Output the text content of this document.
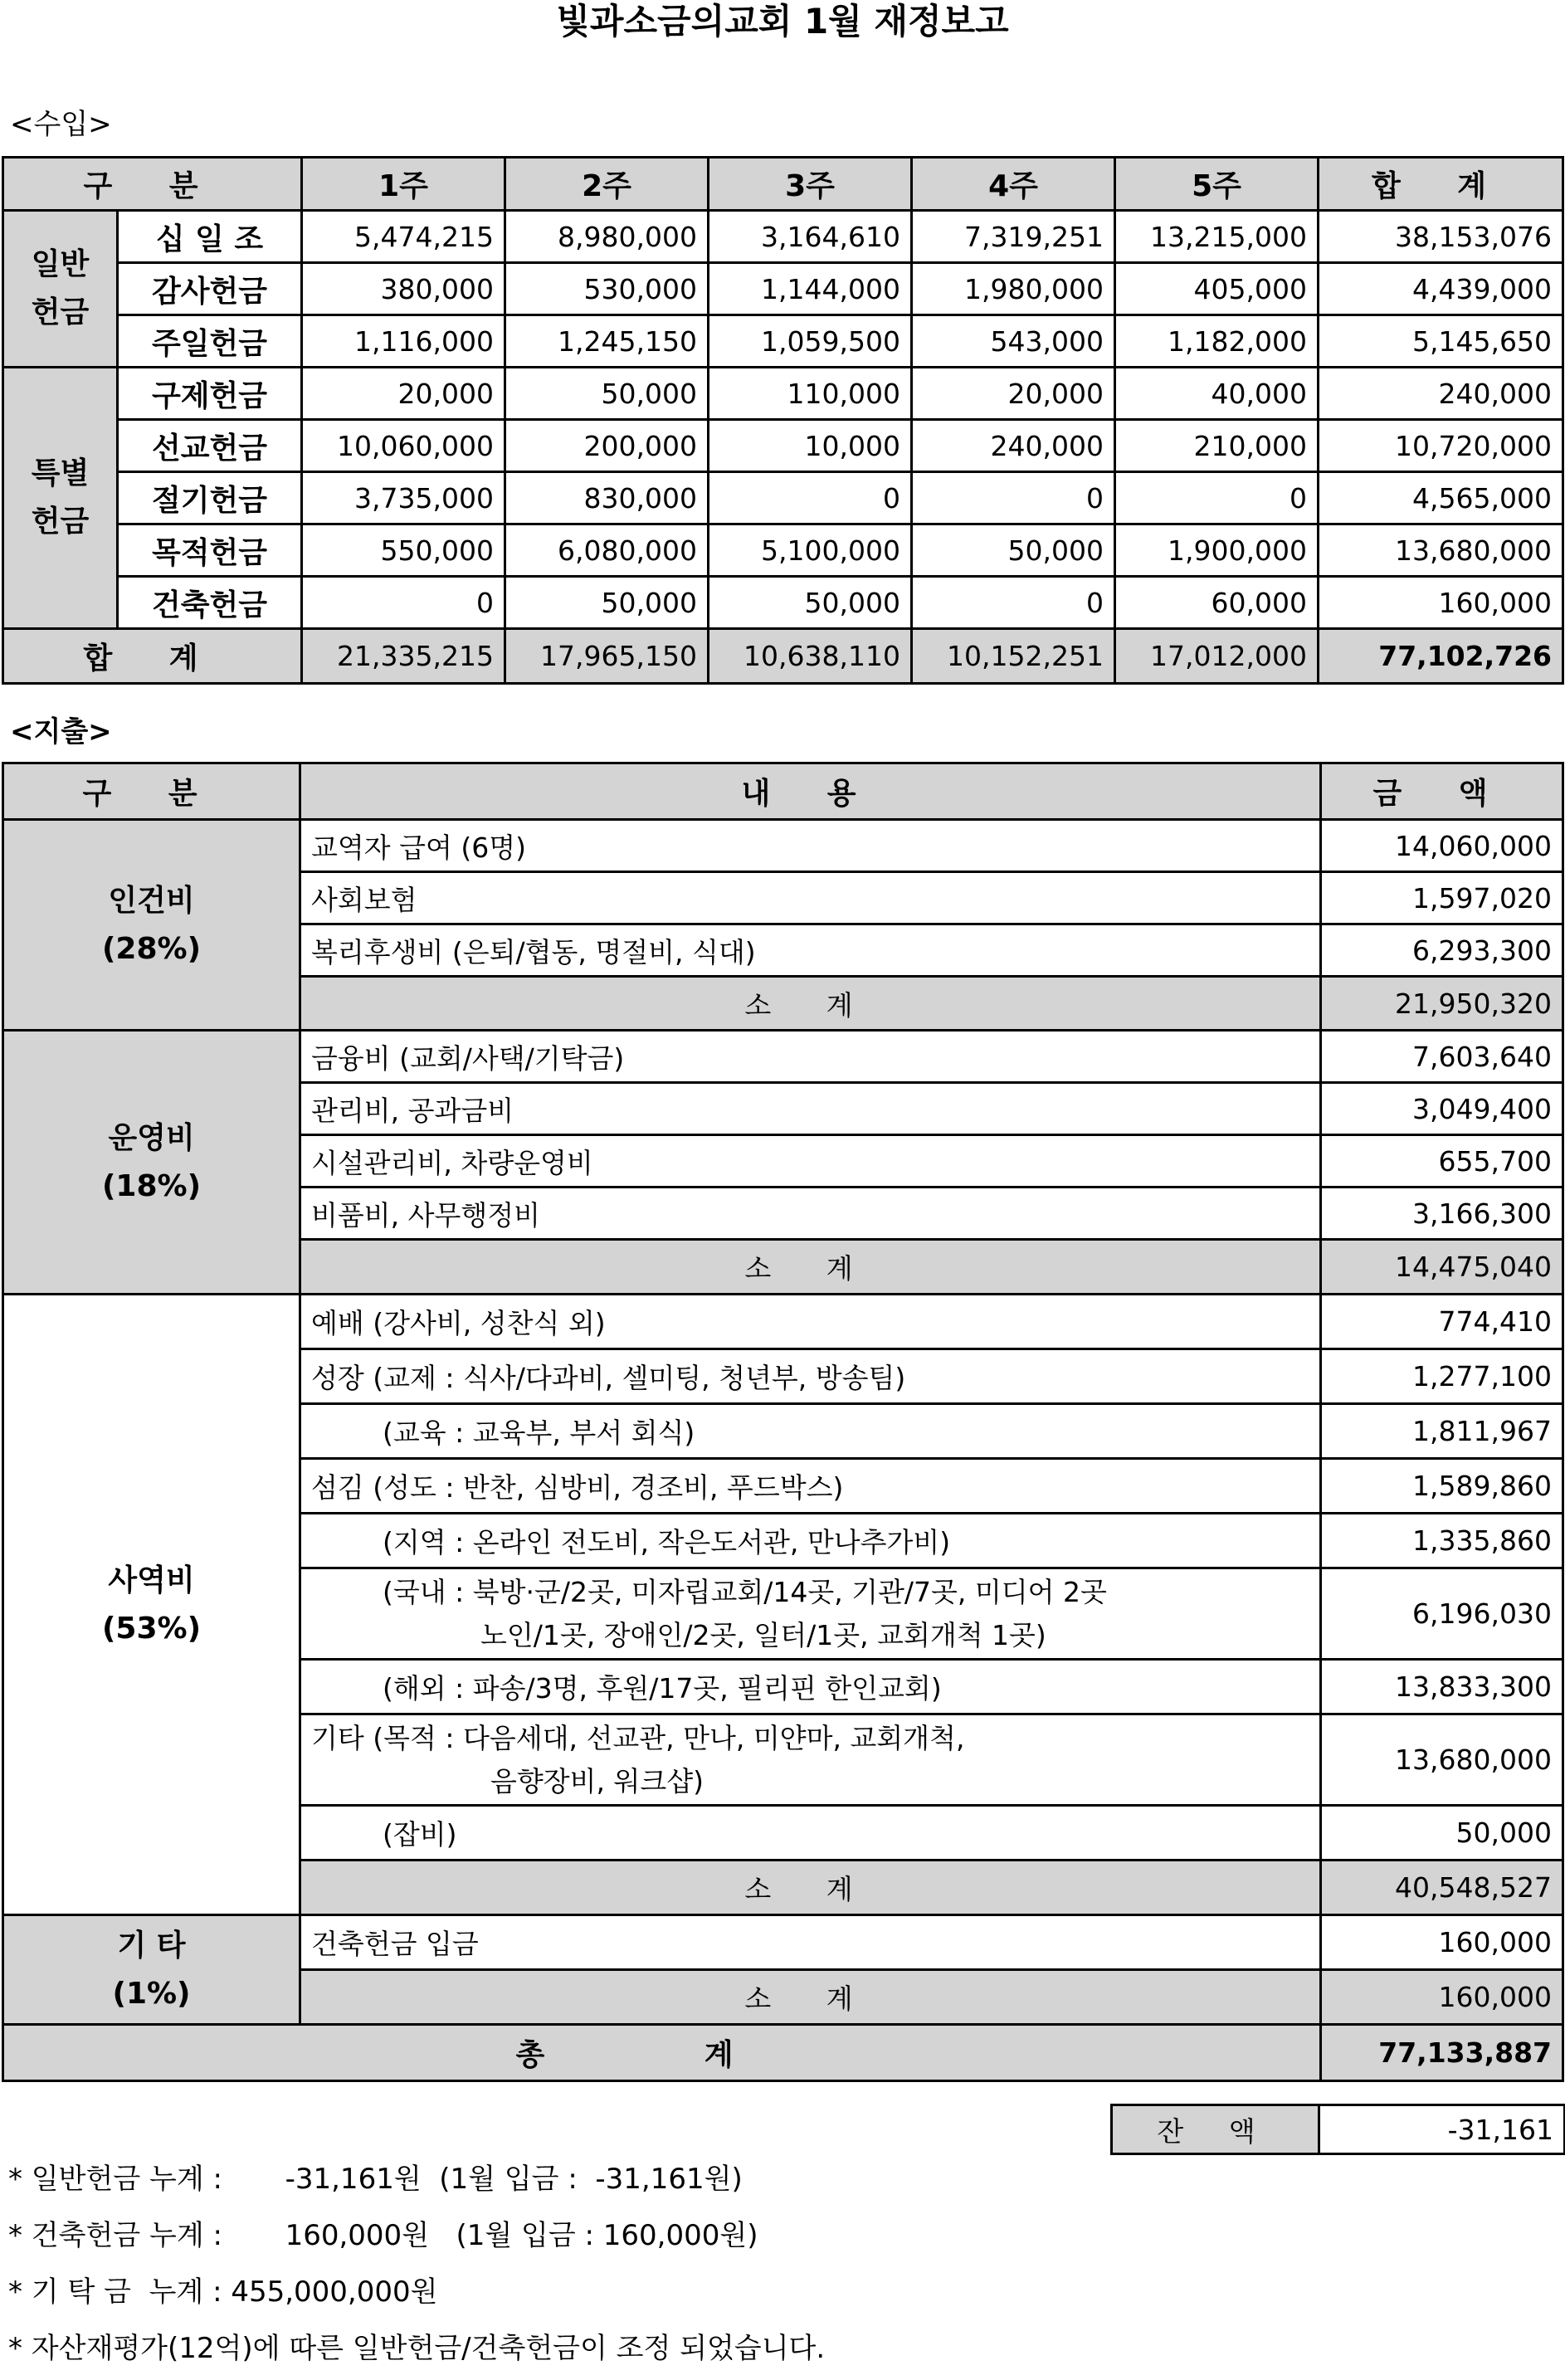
빛과소금의교회 1월 재정보고
<수입>
구 분		1주	2주	3주	4주	5주	합 계

일반
헌금	십 일 조	5,474,215	8,980,000	3,164,610	7,319,251	13,215,000	38,153,076
	감사헌금	380,000	530,000	1,144,000	1,980,000	405,000	4,439,000
	주일헌금	1,116,000	1,245,150	1,059,500	543,000	1,182,000	5,145,650

특별
헌금	구제헌금	20,000	50,000	110,000	20,000	40,000	240,000
	선교헌금	10,060,000	200,000	10,000	240,000	210,000	10,720,000
	절기헌금	3,735,000	830,000	0	0	0	4,565,000
	목적헌금	550,000	6,080,000	5,100,000	50,000	1,900,000	13,680,000
	건축헌금	0	50,000	50,000	0	60,000	160,000
합 계		21,335,215	17,965,150	10,638,110	10,152,251	17,012,000	77,102,726
<지출>
구 분	내 용	금 액

인건비
(28%)	교역자 급여 (6명)	14,060,000
	사회보험	1,597,020
	복리후생비 (은퇴/협동, 명절비, 식대)	6,293,300
	소 계	21,950,320

운영비
(18%)	금융비 (교회/사택/기탁금)	7,603,640
	관리비, 공과금비	3,049,400
	시설관리비, 차량운영비	655,700
	비품비, 사무행정비	3,166,300
	소 계	14,475,040

사역비
(53%)	예배 (강사비, 성찬식 외)	774,410
	성장 (교제 : 식사/다과비, 셀미팅, 청년부, 방송팀)	1,277,100
	(교육 : 교육부, 부서 회식)	1,811,967
	섬김 (성도 : 반찬, 심방비, 경조비, 푸드박스)	1,589,860
	(지역 : 온라인 전도비, 작은도서관, 만나추가비)	1,335,860

	(국내 : 북방·군/2곳, 미자립교회/14곳, 기관/7곳, 미디어 2곳
노인/1곳, 장애인/2곳, 일터/1곳, 교회개척 1곳)	6,196,030
	(해외 : 파송/3명, 후원/17곳, 필리핀 한인교회)	13,833,300

	기타 (목적 : 다음세대, 선교관, 만나, 미얀마, 교회개척,
음향장비, 워크샵)	13,680,000
	(잡비)	50,000
	소 계	40,548,527

기 타
(1%)	건축헌금 입금	160,000
	소 계	160,000
총 계		77,133,887
잔 액	-31,161
* 일반헌금 누계 :       -31,161원  (1월 입금 :  -31,161원)
* 건축헌금 누계 :       160,000원   (1월 입금 : 160,000원)
* 기 탁 금  누계 : 455,000,000원
* 자산재평가(12억)에 따른 일반헌금/건축헌금이 조정 되었습니다.
